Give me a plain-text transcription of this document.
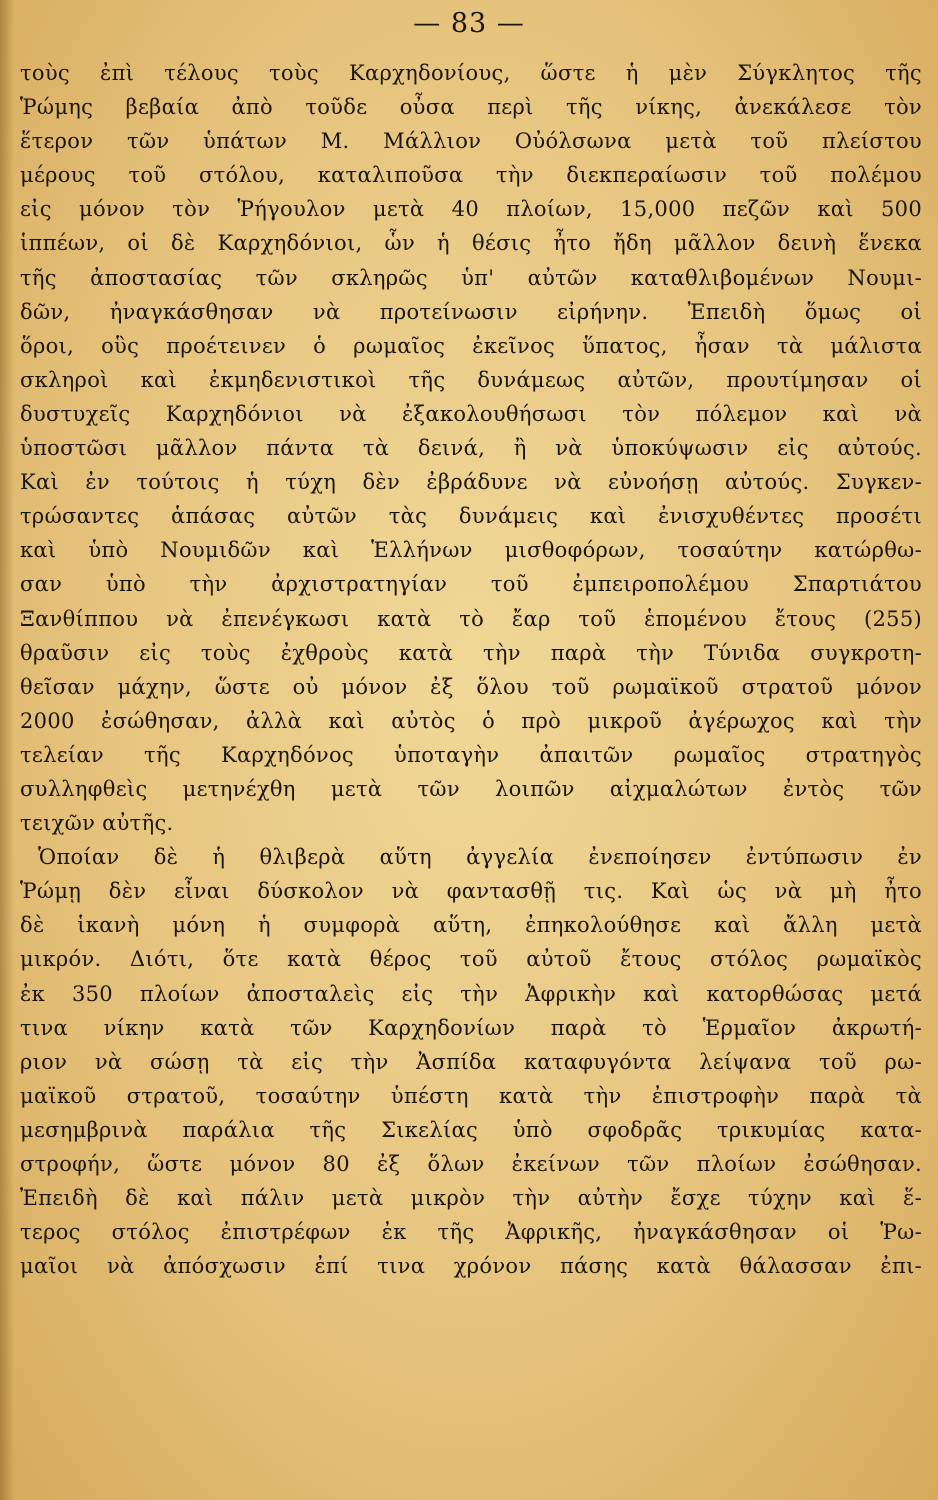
— 83 —
τοὺς ἐπὶ τέλους τοὺς Καρχηδονίους, ὥστε ἡ μὲν Σύγκλητος τῆς
Ῥώμης βεβαία ἀπὸ τοῦδε οὖσα περὶ τῆς νίκης, ἀνεκάλεσε τὸν
ἕτερον τῶν ὑπάτων Μ. Μάλλιον Οὐόλσωνα μετὰ τοῦ πλείστου
μέρους τοῦ στόλου, καταλιποῦσα τὴν διεκπεραίωσιν τοῦ πολέμου
εἰς μόνον τὸν Ῥήγουλον μετὰ 40 πλοίων, 15,000 πεζῶν καὶ 500
ἱππέων, οἱ δὲ Καρχηδόνιοι, ὧν ἡ θέσις ἦτο ἤδη μᾶλλον δεινὴ ἕνεκα
τῆς ἀποστασίας τῶν σκληρῶς ὑπ' αὐτῶν καταθλιβομένων Νουμι-
δῶν, ἠναγκάσθησαν νὰ προτείνωσιν εἰρήνην. Ἐπειδὴ ὅμως οἱ
ὅροι, οὓς προέτεινεν ὁ ρωμαῖος ἐκεῖνος ὕπατος, ἦσαν τὰ μάλιστα
σκληροὶ καὶ ἐκμηδενιστικοὶ τῆς δυνάμεως αὐτῶν, προυτίμησαν οἱ
δυστυχεῖς Καρχηδόνιοι νὰ ἐξακολουθήσωσι τὸν πόλεμον καὶ νὰ
ὑποστῶσι μᾶλλον πάντα τὰ δεινά, ἢ νὰ ὑποκύψωσιν εἰς αὐτούς.
Καὶ ἐν τούτοις ἡ τύχη δὲν ἐβράδυνε νὰ εὐνοήσῃ αὐτούς. Συγκεν-
τρώσαντες ἁπάσας αὐτῶν τὰς δυνάμεις καὶ ἐνισχυθέντες προσέτι
καὶ ὑπὸ Νουμιδῶν καὶ Ἑλλήνων μισθοφόρων, τοσαύτην κατώρθω-
σαν ὑπὸ τὴν ἀρχιστρατηγίαν τοῦ ἐμπειροπολέμου Σπαρτιάτου
Ξανθίππου νὰ ἐπενέγκωσι κατὰ τὸ ἔαρ τοῦ ἑπομένου ἔτους (255)
θραῦσιν εἰς τοὺς ἐχθροὺς κατὰ τὴν παρὰ τὴν Τύνιδα συγκροτη-
θεῖσαν μάχην, ὥστε οὐ μόνον ἐξ ὅλου τοῦ ρωμαϊκοῦ στρατοῦ μόνον
2000 ἐσώθησαν, ἀλλὰ καὶ αὐτὸς ὁ πρὸ μικροῦ ἀγέρωχος καὶ τὴν
τελείαν τῆς Καρχηδόνος ὑποταγὴν ἀπαιτῶν ρωμαῖος στρατηγὸς
συλληφθεὶς μετηνέχθη μετὰ τῶν λοιπῶν αἰχμαλώτων ἐντὸς τῶν
τειχῶν αὐτῆς.
Ὁποίαν δὲ ἡ θλιβερὰ αὕτη ἀγγελία ἐνεποίησεν ἐντύπωσιν ἐν
Ῥώμῃ δὲν εἶναι δύσκολον νὰ φαντασθῇ τις. Καὶ ὡς νὰ μὴ ἦτο
δὲ ἱκανὴ μόνη ἡ συμφορὰ αὕτη, ἐπηκολούθησε καὶ ἄλλη μετὰ
μικρόν. Διότι, ὅτε κατὰ θέρος τοῦ αὐτοῦ ἔτους στόλος ρωμαϊκὸς
ἐκ 350 πλοίων ἀποσταλεὶς εἰς τὴν Ἀφρικὴν καὶ κατορθώσας μετά
τινα νίκην κατὰ τῶν Καρχηδονίων παρὰ τὸ Ἑρμαῖον ἀκρωτή-
ριον νὰ σώσῃ τὰ εἰς τὴν Ἀσπίδα καταφυγόντα λείψανα τοῦ ρω-
μαϊκοῦ στρατοῦ, τοσαύτην ὑπέστη κατὰ τὴν ἐπιστροφὴν παρὰ τὰ
μεσημβρινὰ παράλια τῆς Σικελίας ὑπὸ σφοδρᾶς τρικυμίας κατα-
στροφήν, ὥστε μόνον 80 ἐξ ὅλων ἐκείνων τῶν πλοίων ἐσώθησαν.
Ἐπειδὴ δὲ καὶ πάλιν μετὰ μικρὸν τὴν αὐτὴν ἔσχε τύχην καὶ ἕ-
τερος στόλος ἐπιστρέφων ἐκ τῆς Ἀφρικῆς, ἠναγκάσθησαν οἱ Ῥω-
μαῖοι νὰ ἀπόσχωσιν ἐπί τινα χρόνον πάσης κατὰ θάλασσαν ἐπι-
